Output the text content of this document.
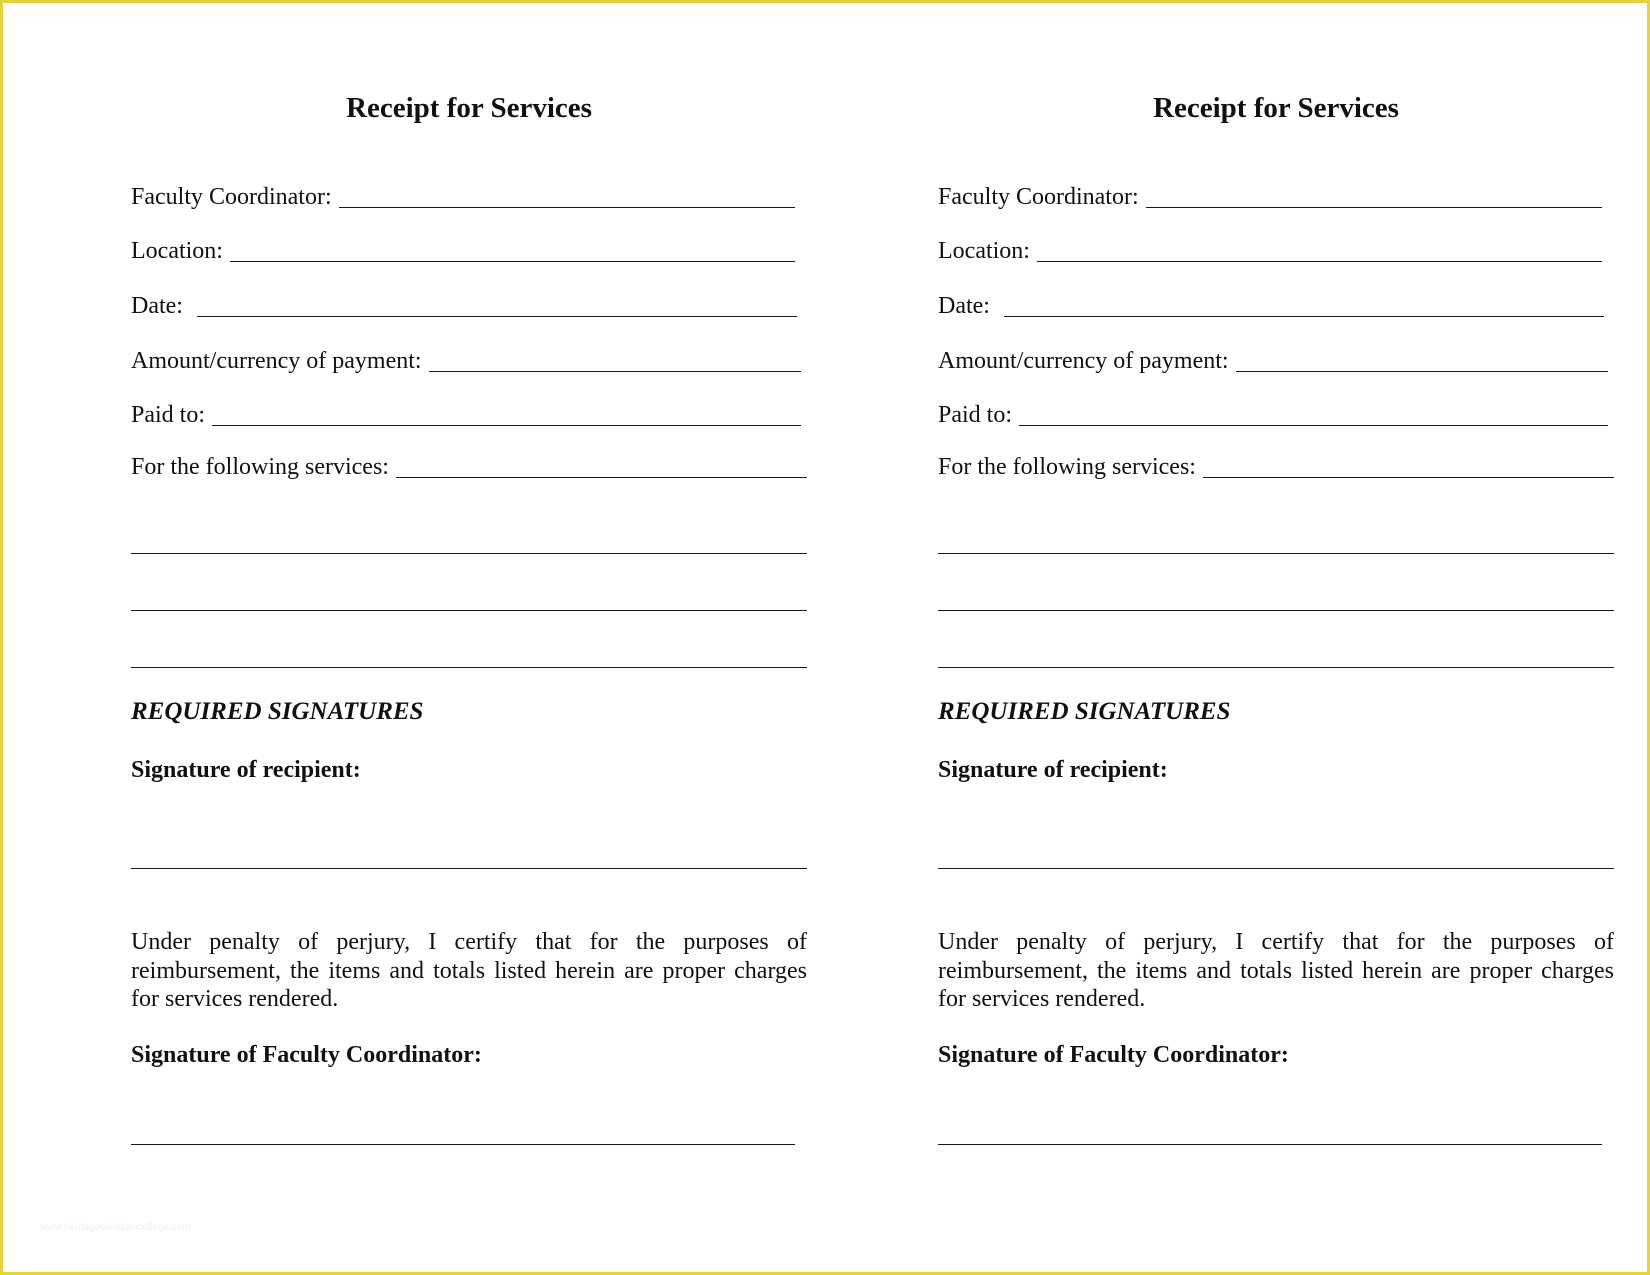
Receipt for Services
Faculty Coordinator:
Location:
Date:
Amount/currency of payment:
Paid to:
For the following services:
REQUIRED SIGNATURES
Signature of recipient:

Under penalty of perjury, I certify that for the purposes of reimbursement, the items and totals listed herein are proper charges for services rendered.

Signature of Faculty Coordinator:
Receipt for Services
Faculty Coordinator:
Location:
Date:
Amount/currency of payment:
Paid to:
For the following services:
REQUIRED SIGNATURES
Signature of recipient:

Under penalty of perjury, I certify that for the purposes of reimbursement, the items and totals listed herein are proper charges for services rendered.

Signature of Faculty Coordinator:
www.heritagechristiancollege.com
